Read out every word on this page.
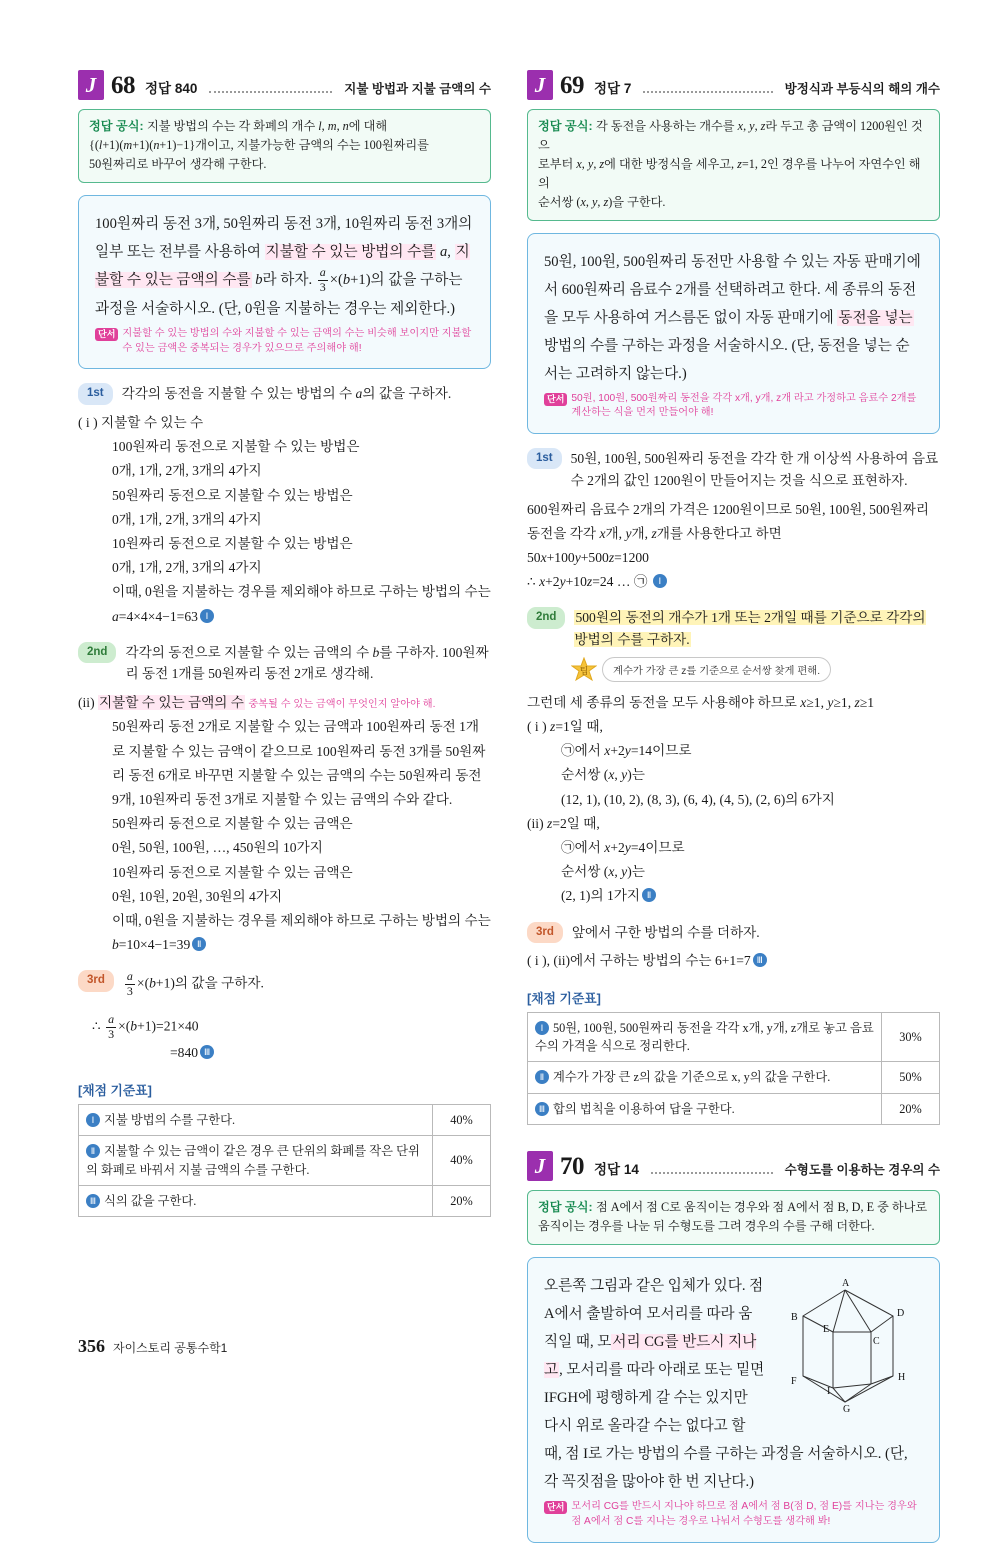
J 68 정답 840	지불 방법과 지불 금액의 수
정답 공식: 지불 방법의 수는 각 화폐의 개수 l, m, n에 대해
{(l+1)(m+1)(n+1)−1}개이고, 지불가능한 금액의 수는 100원짜리를
50원짜리로 바꾸어 생각해 구한다.
100원짜리 동전 3개, 50원짜리 동전 3개, 10원짜리 동전 3개의 일부 또는 전부를 사용하여 지불할 수 있는 방법의 수를 a, 지불할 수 있는 금액의 수를 b라 하자. $\frac{a}{3} \times(b+1)$의 값을 구하는 과정을 서술하시오. (단, 0원을 지불하는 경우는 제외한다.)
단서 지불할 수 있는 방법의 수와 지불할 수 있는 금액의 수는 비슷해 보이지만 지불할 수 있는 금액은 중복되는 경우가 있으므로 주의해야 해!
1st	각각의 동전을 지불할 수 있는 방법의 수 a의 값을 구하자.
( i ) 지불할 수 있는 수
100원짜리 동전으로 지불할 수 있는 방법은
0개, 1개, 2개, 3개의 4가지
50원짜리 동전으로 지불할 수 있는 방법은
0개, 1개, 2개, 3개의 4가지
10원짜리 동전으로 지불할 수 있는 방법은
0개, 1개, 2개, 3개의 4가지
이때, 0원을 지불하는 경우를 제외해야 하므로 구하는 방법의 수는
a=4×4×4−1=63 Ⅰ
2nd	각각의 동전으로 지불할 수 있는 금액의 수 b를 구하자. 100원짜리 동전 1개를 50원짜리 동전 2개로 생각해.
(ii) 지불할 수 있는 금액의 수 중복될 수 있는 금액이 무엇인지 알아야 해.
50원짜리 동전 2개로 지불할 수 있는 금액과 100원짜리 동전 1개로 지불할 수 있는 금액이 같으므로 100원짜리 동전 3개를 50원짜리 동전 6개로 바꾸면 지불할 수 있는 금액의 수는 50원짜리 동전 9개, 10원짜리 동전 3개로 지불할 수 있는 금액의 수와 같다.
50원짜리 동전으로 지불할 수 있는 금액은
0원, 50원, 100원, …, 450원의 10가지
10원짜리 동전으로 지불할 수 있는 금액은
0원, 10원, 20원, 30원의 4가지
이때, 0원을 지불하는 경우를 제외해야 하므로 구하는 방법의 수는
b=10×4−1=39 Ⅱ
3rd	$\frac{a}{3} \times(b+1)$의 값을 구하자.
∴ $\frac{a}{3} \times(b+1)=21\times 40$
=840 Ⅲ
[채점 기준표]
Ⅰ 지불 방법의 수를 구한다.	40%
Ⅱ 지불할 수 있는 금액이 같은 경우 큰 단위의 화폐를 작은 단위의 화폐로 바꿔서 지불 금액의 수를 구한다.	40%
Ⅲ 식의 값을 구한다.	20%
J 69 정답 7	방정식과 부등식의 해의 개수
정답 공식: 각 동전을 사용하는 개수를 x, y, z라 두고 총 금액이 1200원인 것으
로부터 x, y, z에 대한 방정식을 세우고, z=1, 2인 경우를 나누어 자연수인 해의
순서쌍 (x, y, z)을 구한다.
50원, 100원, 500원짜리 동전만 사용할 수 있는 자동 판매기에서 600원짜리 음료수 2개를 선택하려고 한다. 세 종류의 동전을 모두 사용하여 거스름돈 없이 자동 판매기에 동전을 넣는 방법의 수를 구하는 과정을 서술하시오. (단, 동전을 넣는 순서는 고려하지 않는다.)
단서 50원, 100원, 500원짜리 동전을 각각 x개, y개, z개 라고 가정하고 음료수 2개를 계산하는 식을 먼저 만들어야 해!
1st	50원, 100원, 500원짜리 동전을 각각 한 개 이상씩 사용하여 음료수 2개의 값인 1200원이 만들어지는 것을 식으로 표현하자.
600원짜리 음료수 2개의 가격은 1200원이므로 50원, 100원, 500원짜리 동전을 각각 x개, y개, z개를 사용한다고 하면
50x+100y+500z=1200
∴ x+2y+10z=24 … ㉠ Ⅰ
2nd	500원의 동전의 개수가 1개 또는 2개일 때를 기준으로 각각의 방법의 수를 구하자.
팁	계수가 가장 큰 z를 기준으로 순서쌍 찾게 편해.
그런데 세 종류의 동전을 모두 사용해야 하므로 x≥1, y≥1, z≥1
( i ) z=1일 때,
㉠에서 x+2y=14이므로
순서쌍 (x, y)는
(12, 1), (10, 2), (8, 3), (6, 4), (4, 5), (2, 6)의 6가지
(ii) z=2일 때,
㉠에서 x+2y=4이므로
순서쌍 (x, y)는
(2, 1)의 1가지 Ⅱ
3rd	앞에서 구한 방법의 수를 더하자.
( i ), (ii)에서 구하는 방법의 수는 6+1=7 Ⅲ
[채점 기준표]
Ⅰ 50원, 100원, 500원짜리 동전을 각각 x개, y개, z개로 놓고 음료수의 가격을 식으로 정리한다.	30%
Ⅱ 계수가 가장 큰 z의 값을 기준으로 x, y의 값을 구한다.	50%
Ⅲ 합의 법칙을 이용하여 답을 구한다.	20%
J 70 정답 14	수형도를 이용하는 경우의 수
정답 공식: 점 A에서 점 C로 움직이는 경우와 점 A에서 점 B, D, E 중 하나로 움직이는 경우를 나눈 뒤 수형도를 그려 경우의 수를 구해 더한다.
A
D
E
B
C
H
F
I
G
오른쪽 그림과 같은 입체가 있다. 점 A에서 출발하여 모서리를 따라 움직일 때, 모서리 CG를 반드시 지나고, 모서리를 따라 아래로 또는 밑면 IFGH에 평행하게 갈 수는 있지만 다시 위로 올라갈 수는 없다고 할 때, 점 I로 가는 방법의 수를 구하는 과정을 서술하시오. (단, 각 꼭짓점을 많아야 한 번 지난다.)
단서 모서리 CG를 반드시 지나야 하므로 점 A에서 점 B(점 D, 점 E)를 지나는 경우와 점 A에서 점 C를 지나는 경우로 나눠서 수형도를 생각해 봐!
356 자이스토리 공통수학1
